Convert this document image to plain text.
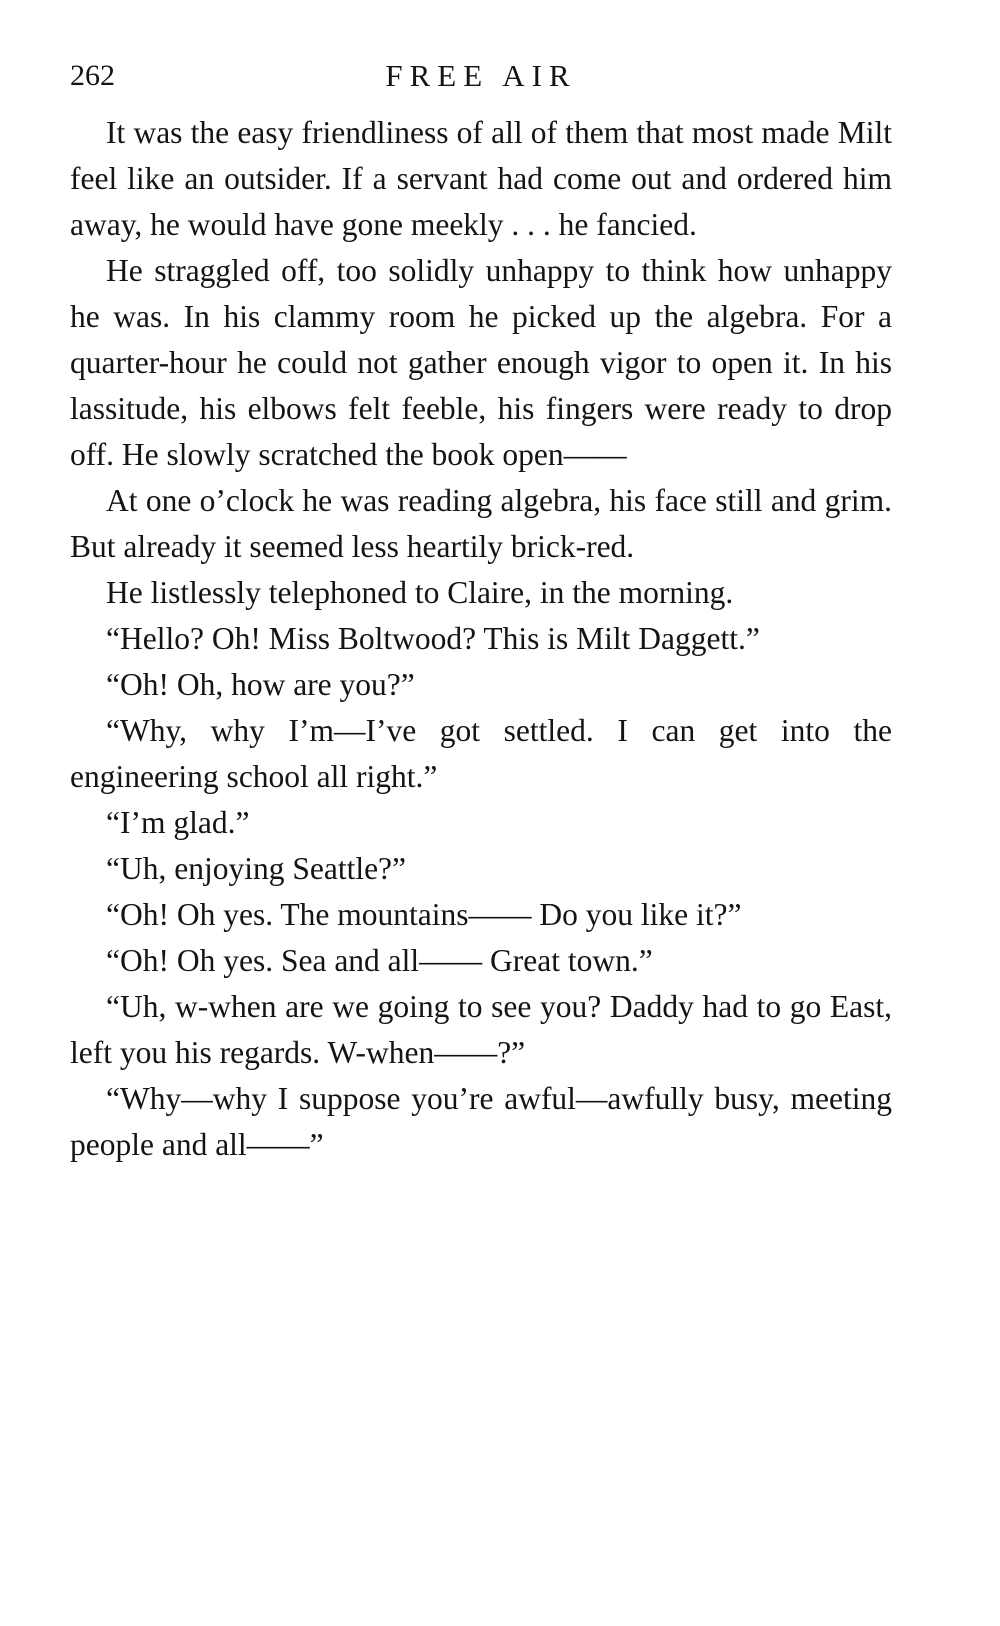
262	FREE AIR

It was the easy friendliness of all of them that most made Milt feel like an outsider. If a servant had come out and ordered him away, he would have gone meekly . . . he fancied.

He straggled off, too solidly unhappy to think how unhappy he was. In his clammy room he picked up the algebra. For a quarter-hour he could not gather enough vigor to open it. In his lassitude, his elbows felt feeble, his fingers were ready to drop off. He slowly scratched the book open——

At one o’clock he was reading algebra, his face still and grim. But already it seemed less heartily brick-red.

He listlessly telephoned to Claire, in the morning.

“Hello? Oh! Miss Boltwood? This is Milt Daggett.”

“Oh! Oh, how are you?”

“Why, why I’m—I’ve got settled. I can get into the engineering school all right.”

“I’m glad.”

“Uh, enjoying Seattle?”

“Oh! Oh yes. The mountains—— Do you like it?”

“Oh! Oh yes. Sea and all—— Great town.”

“Uh, w-when are we going to see you? Daddy had to go East, left you his regards. W-when——?”

“Why—why I suppose you’re awful—awfully busy, meeting people and all——”
